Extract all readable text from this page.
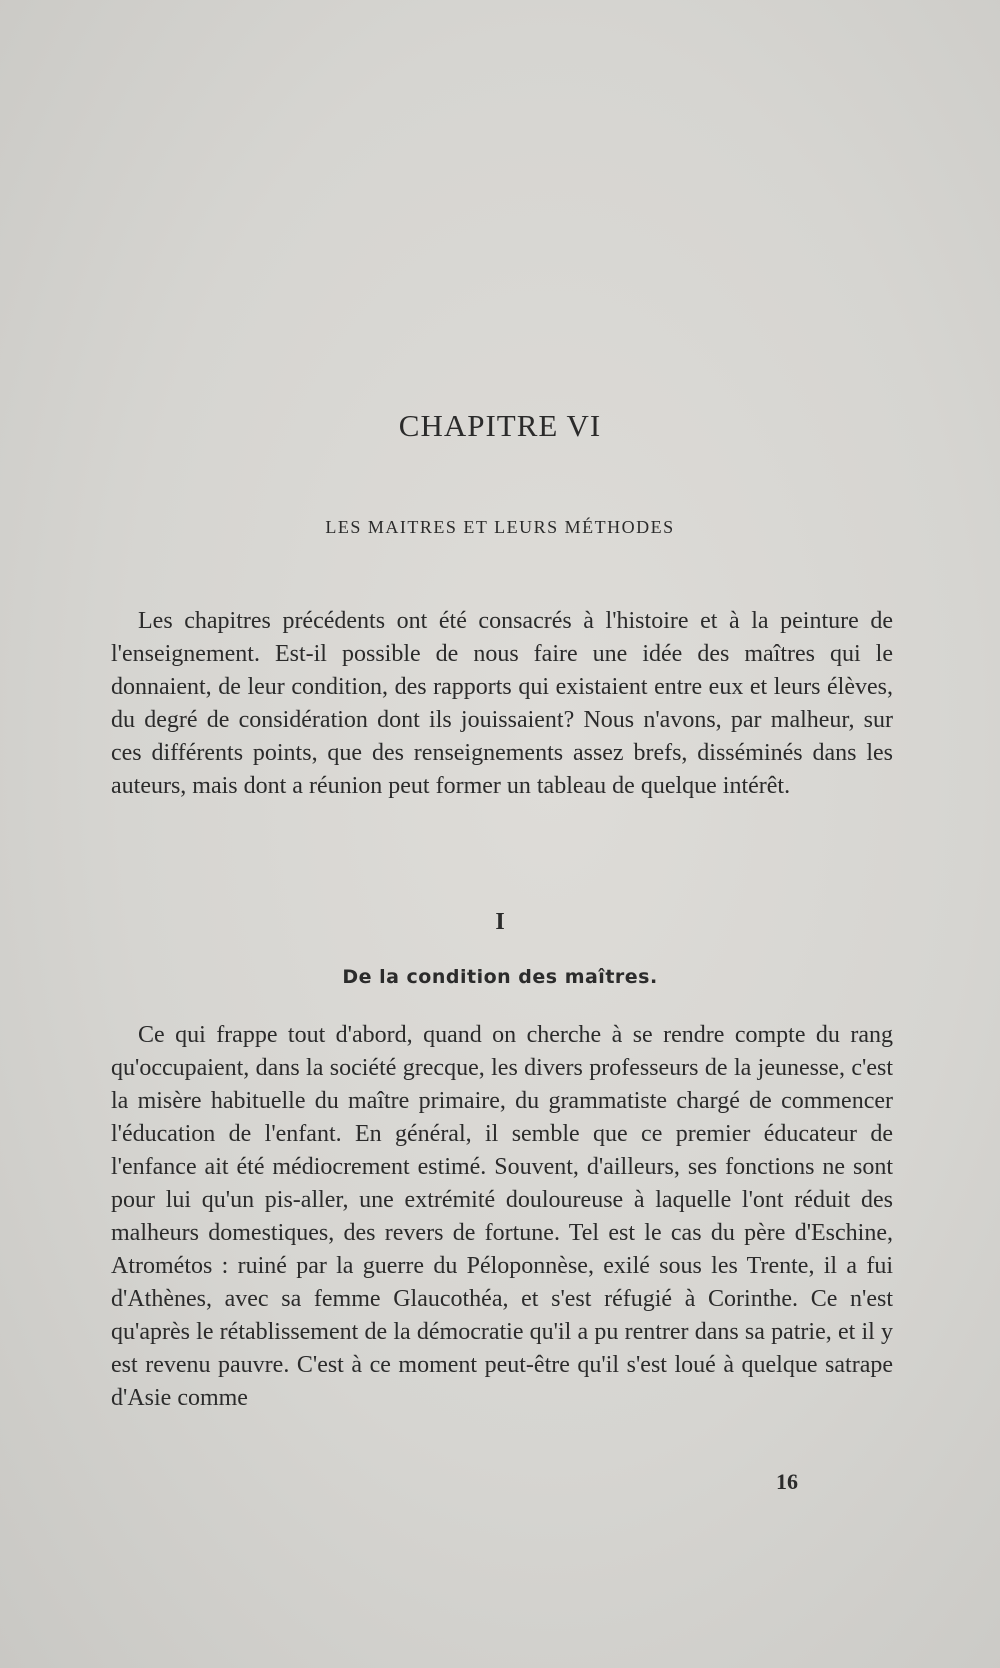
CHAPITRE VI
LES MAITRES ET LEURS MÉTHODES

Les chapitres précédents ont été consacrés à l'histoire et à la peinture de l'enseignement. Est-il possible de nous faire une idée des maîtres qui le donnaient, de leur condition, des rapports qui existaient entre eux et leurs élèves, du degré de considération dont ils jouissaient? Nous n'avons, par malheur, sur ces différents points, que des renseignements assez brefs, disséminés dans les auteurs, mais dont a réunion peut former un tableau de quelque intérêt.

I
De la condition des maîtres.

Ce qui frappe tout d'abord, quand on cherche à se rendre compte du rang qu'occupaient, dans la société grecque, les divers professeurs de la jeunesse, c'est la misère habituelle du maître primaire, du grammatiste chargé de commencer l'éducation de l'enfant. En général, il semble que ce premier éducateur de l'enfance ait été médiocrement estimé. Souvent, d'ailleurs, ses fonctions ne sont pour lui qu'un pis-aller, une extrémité douloureuse à laquelle l'ont réduit des malheurs domestiques, des revers de fortune. Tel est le cas du père d'Eschine, Atrométos : ruiné par la guerre du Péloponnèse, exilé sous les Trente, il a fui d'Athènes, avec sa femme Glaucothéa, et s'est réfugié à Corinthe. Ce n'est qu'après le rétablissement de la démocratie qu'il a pu rentrer dans sa patrie, et il y est revenu pauvre. C'est à ce moment peut-être qu'il s'est loué à quelque satrape d'Asie comme

16
